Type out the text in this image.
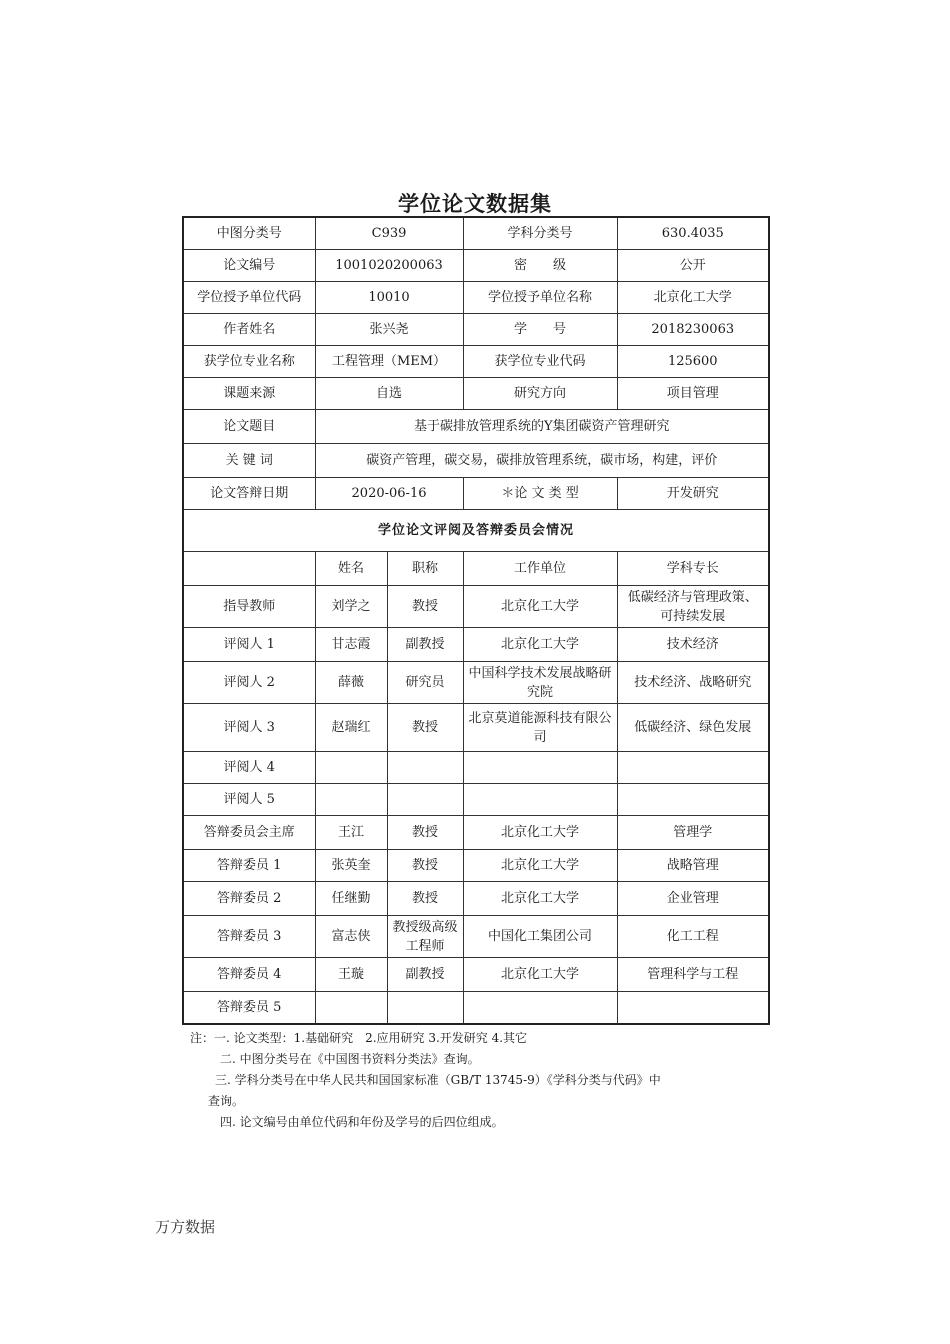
学位论文数据集
中图分类号	C939		学科分类号	630.4035
论文编号	1001020200063		密　　级	公开
学位授予单位代码	10010		学位授予单位名称	北京化工大学
作者姓名	张兴尧		学　　号	2018230063
获学位专业名称	工程管理（MEM）		获学位专业代码	125600
课题来源	自选		研究方向	项目管理
论文题目	基于碳排放管理系统的Y集团碳资产管理研究			
关 键 词	碳资产管理，碳交易，碳排放管理系统，碳市场，构建，评价			
论文答辩日期	2020-06-16		＊论 文 类 型	开发研究
学位论文评阅及答辩委员会情况				
	姓名	职称	工作单位	学科专长
指导教师	刘学之	教授	北京化工大学	低碳经济与管理政策、可持续发展
评阅人 1	甘志霞	副教授	北京化工大学	技术经济
评阅人 2	薛薇	研究员	中国科学技术发展战略研究院	技术经济、战略研究
评阅人 3	赵瑞红	教授	北京莫道能源科技有限公司	低碳经济、绿色发展
评阅人 4				
评阅人 5				
答辩委员会主席	王江	教授	北京化工大学	管理学
答辩委员 1	张英奎	教授	北京化工大学	战略管理
答辩委员 2	任继勤	教授	北京化工大学	企业管理
答辩委员 3	富志侠	教授级高级工程师	中国化工集团公司	化工工程
答辩委员 4	王璇	副教授	北京化工大学	管理科学与工程
答辩委员 5				
注：一. 论文类型：1.基础研究　2.应用研究 3.开发研究 4.其它
二. 中图分类号在《中国图书资料分类法》查询。
三. 学科分类号在中华人民共和国国家标准（GB/T 13745-9）《学科分类与代码》中
查询。
四. 论文编号由单位代码和年份及学号的后四位组成。
万方数据
